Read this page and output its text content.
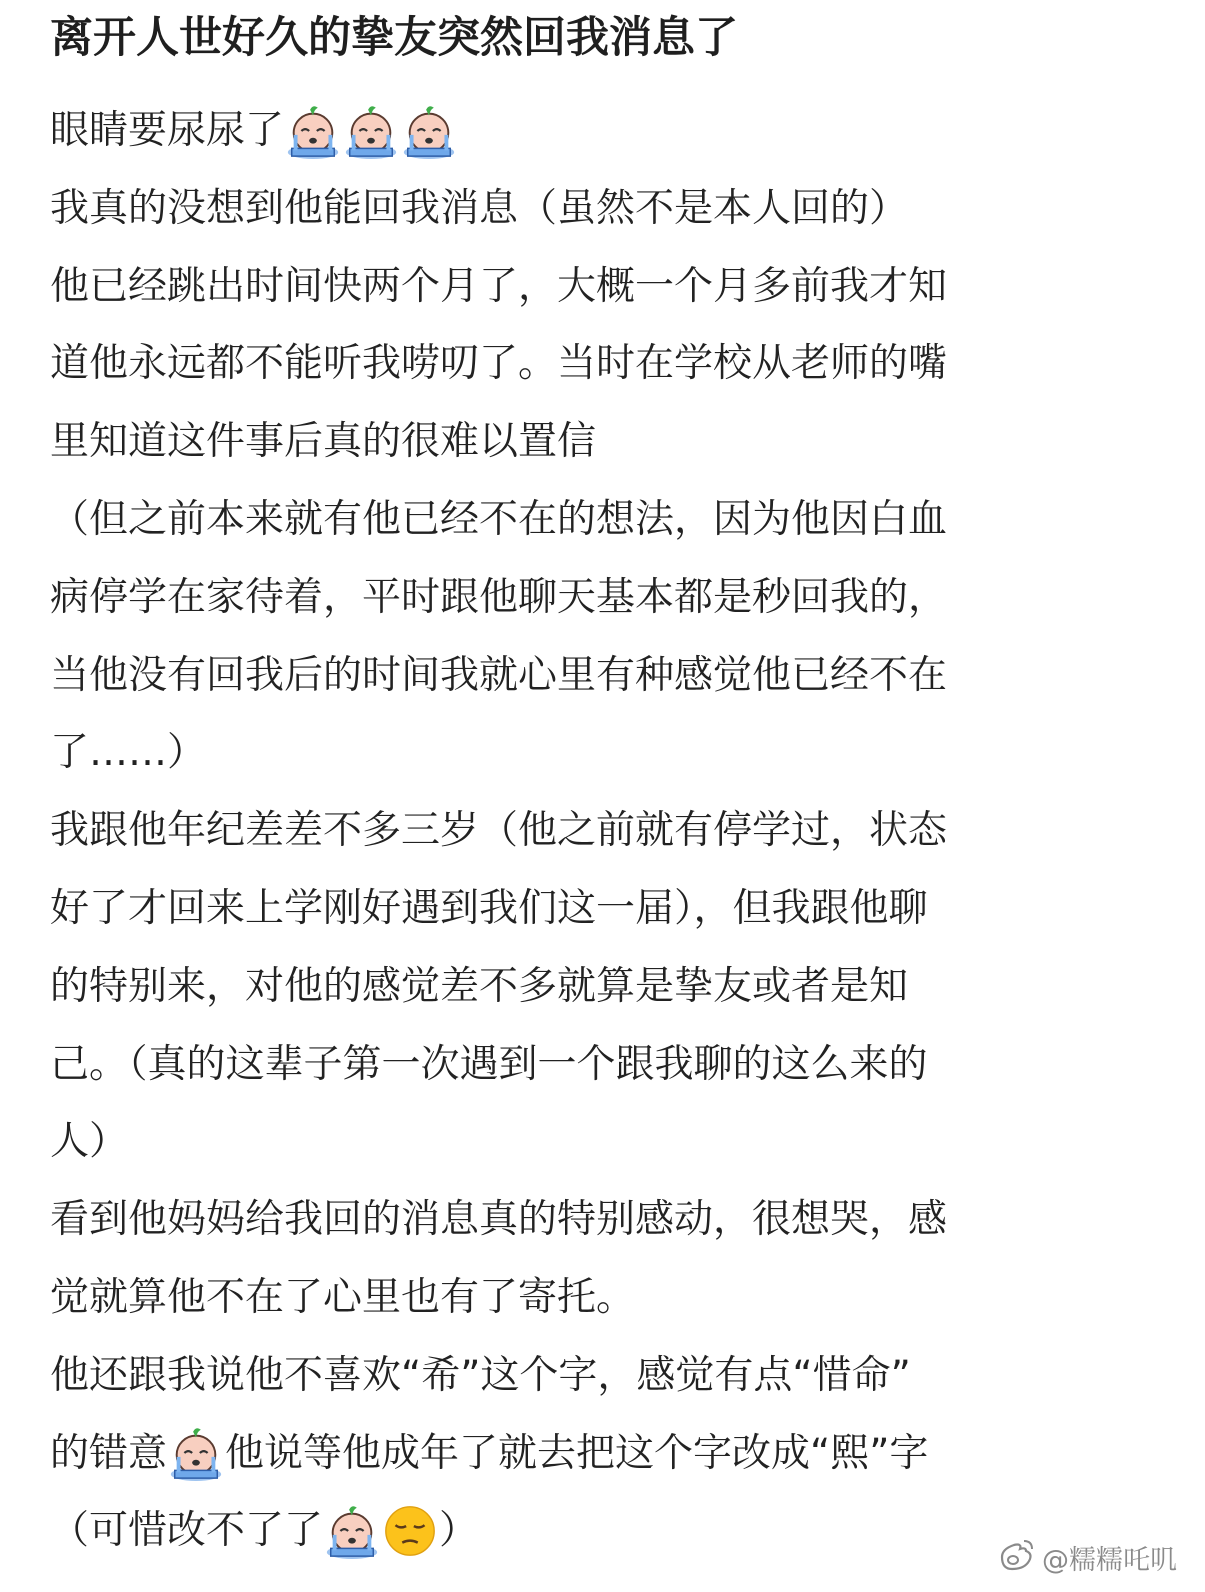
离开人世好久的挚友突然回我消息了
眼睛要尿尿了
我真的没想到他能回我消息（虽然不是本人回的）
他已经跳出时间快两个月了，大概一个月多前我才知
道他永远都不能听我唠叨了。当时在学校从老师的嘴
里知道这件事后真的很难以置信
（但之前本来就有他已经不在的想法，因为他因白血
病停学在家待着，平时跟他聊天基本都是秒回我的，
当他没有回我后的时间我就心里有种感觉他已经不在
了……）
我跟他年纪差差不多三岁（他之前就有停学过，状态
好了才回来上学刚好遇到我们这一届），但我跟他聊
的特别来，对他的感觉差不多就算是挚友或者是知
己。（真的这辈子第一次遇到一个跟我聊的这么来的
人）
看到他妈妈给我回的消息真的特别感动，很想哭，感
觉就算他不在了心里也有了寄托。
他还跟我说他不喜欢“希”这个字，感觉有点“惜命”
的错意 他说等他成年了就去把这个字改成“熙”字
（可惜改不了了	）
@糯糯吒叽
